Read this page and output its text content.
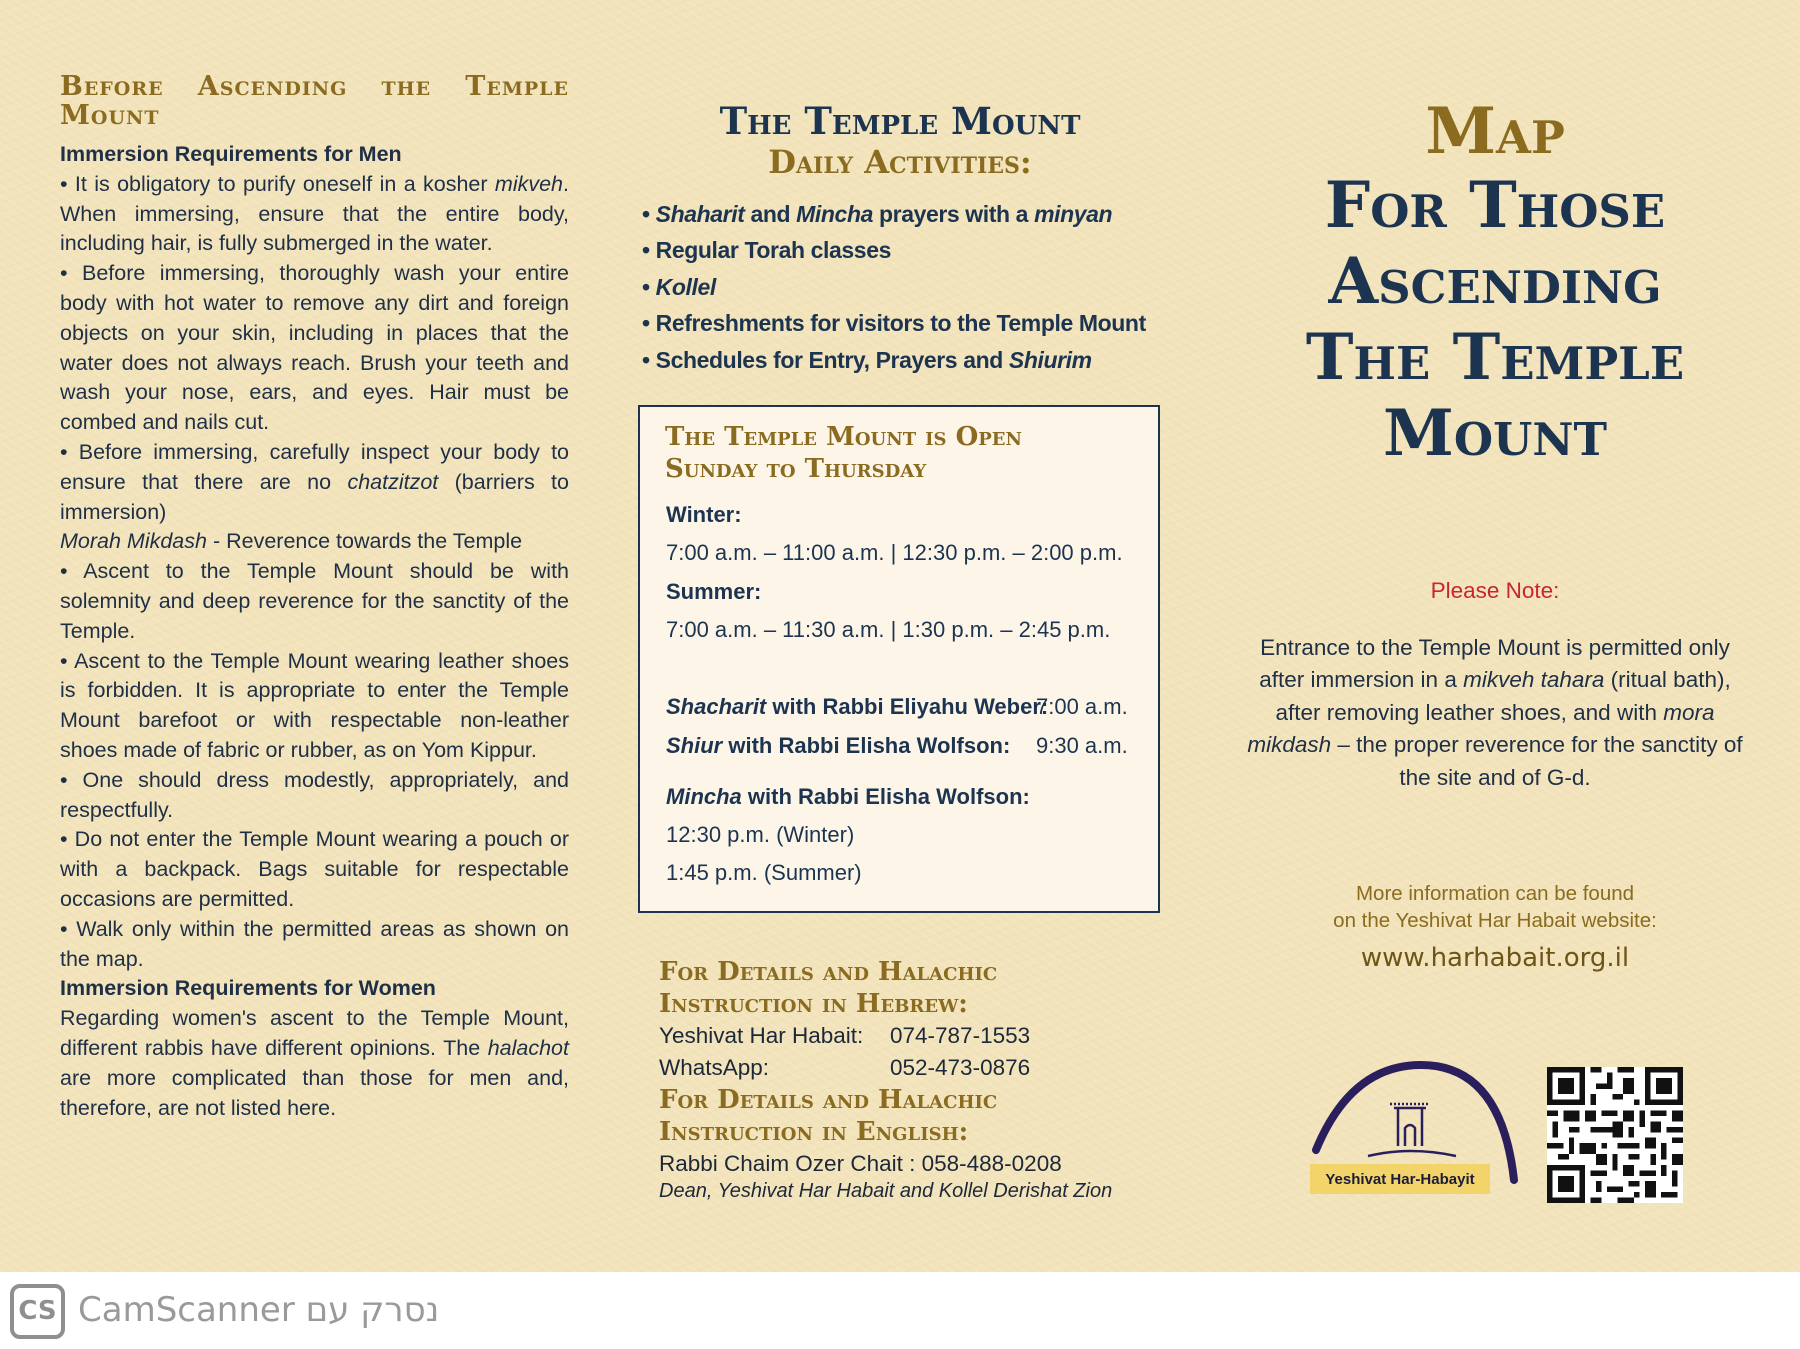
Before Ascending the Temple
Mount

Immersion Requirements for Men

• It is obligatory to purify oneself in a kosher mikveh. When immersing, ensure that the entire body, including hair, is fully submerged in the water.

• Before immersing, thoroughly wash your entire body with hot water to remove any dirt and foreign objects on your skin, including in places that the water does not always reach. Brush your teeth and wash your nose, ears, and eyes. Hair must be combed and nails cut.

• Before immersing, carefully inspect your body to ensure that there are no chatzitzot (barriers to immersion)

Morah Mikdash - Reverence towards the Temple

• Ascent to the Temple Mount should be with solemnity and deep reverence for the sanctity of the Temple.

• Ascent to the Temple Mount wearing leather shoes is forbidden. It is appropriate to enter the Temple Mount barefoot or with respectable non-leather shoes made of fabric or rubber, as on Yom Kippur.

• One should dress modestly, appropriately, and respectfully.

• Do not enter the Temple Mount wearing a pouch or with a backpack. Bags suitable for respectable occasions are permitted.

• Walk only within the permitted areas as shown on the map.

Immersion Requirements for Women

Regarding women's ascent to the Temple Mount, different rabbis have different opinions. The halachot are more complicated than those for men and, therefore, are not listed here.

The Temple Mount
Daily Activities:
• Shaharit and Mincha prayers with a minyan
• Regular Torah classes
• Kollel
• Refreshments for visitors to the Temple Mount
• Schedules for Entry, Prayers and Shiurim
The Temple Mount is Open
Sunday to Thursday
Winter:
7:00 a.m. – 11:00 a.m. | 12:30 p.m. – 2:00 p.m.
Summer:
7:00 a.m. – 11:30 a.m. | 1:30 p.m. – 2:45 p.m.
Shacharit with Rabbi Eliyahu Weber:
7:00 a.m.
Shiur with Rabbi Elisha Wolfson: 9:30 a.m.
Mincha with Rabbi Elisha Wolfson:
12:30 p.m. (Winter)
1:45 p.m. (Summer)
For Details and Halachic
Instruction in Hebrew:
Yeshivat Har Habait: 074-787-1553
WhatsApp:	052-473-0876
For Details and Halachic
Instruction in English:
Rabbi Chaim Ozer Chait : 058-488-0208
Dean, Yeshivat Har Habait and Kollel Derishat Zion
Map
For Those
Ascending
The Temple
Mount
Please Note:
Entrance to the Temple Mount is permitted only after immersion in a mikveh tahara (ritual bath), after removing leather shoes, and with mora mikdash – the proper reverence for the sanctity of the site and of G-d.
More information can be found
on the Yeshivat Har Habait website:
www.harhabait.org.il
Yeshivat Har-Habayit
CS CamScanner נסרק עם
